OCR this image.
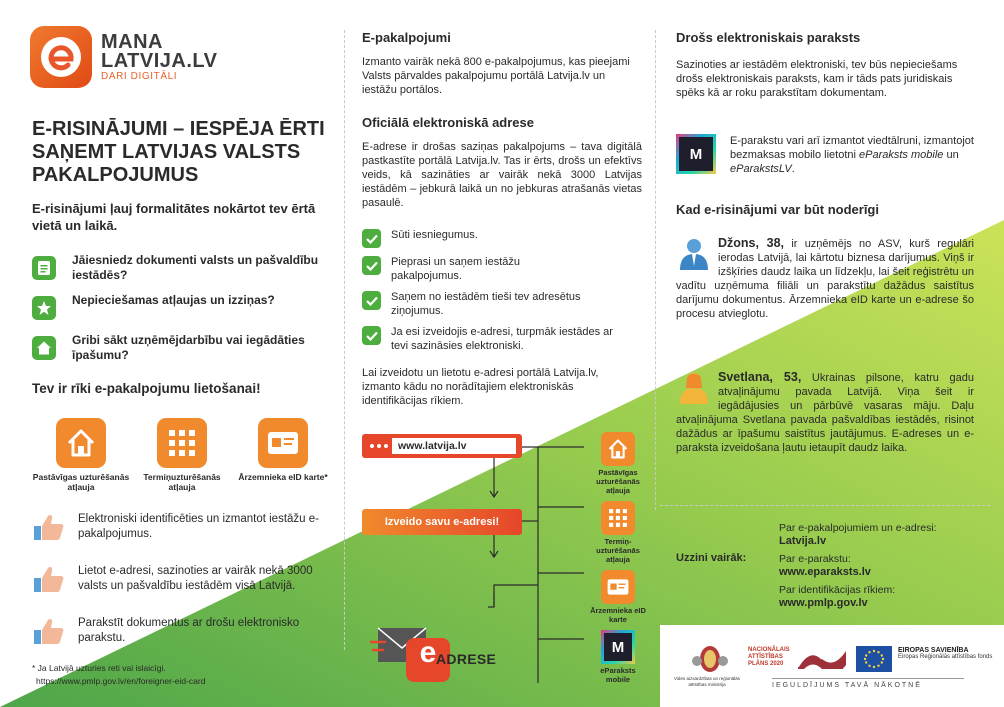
MANA
LATVIJA.LV
DARI DIGITĀLI
E-RISINĀJUMI – IESPĒJA ĒRTI SAŅEMT LATVIJAS VALSTS PAKALPOJUMUS
E-risinājumi ļauj formalitātes nokārtot tev ērtā vietā un laikā.
Jāiesniedz dokumenti valsts un pašvaldību iestādēs?
Nepieciešamas atļaujas un izziņas?
Gribi sākt uzņēmējdarbību vai iegādāties īpašumu?
Tev ir rīki e-pakalpojumu lietošanai!
Pastāvīgas uzturēšanās atļauja
Termiņuzturēšanās atļauja
Ārzemnieka eID karte*
Elektroniski identificēties un izmantot iestāžu e-pakalpojumus.
Lietot e-adresi, sazinoties ar vairāk nekā 3000 valsts un pašvaldību iestādēm visā Latvijā.
Parakstīt dokumentus ar drošu elektronisko parakstu.
* Ja Latvijā uzturies reti vai islaicīgi.
https://www.pmlp.gov.lv/en/foreigner-eid-card
E-pakalpojumi
Izmanto vairāk nekā 800 e-pakalpojumus, kas pieejami Valsts pārvaldes pakalpojumu portālā Latvija.lv un iestāžu portālos.
Oficiālā elektroniskā adrese
E-adrese ir drošas saziņas pakalpojums – tava digitālā pastkastīte portālā Latvija.lv. Tas ir ērts, drošs un efektīvs veids, kā sazināties ar vairāk nekā 3000 Latvijas iestādēm – jebkurā laikā un no jebkuras atrašanās vietas pasaulē.
Sūti iesniegumus.
Pieprasi un saņem iestāžu pakalpojumus.
Saņem no iestādēm tieši tev adresētus ziņojumus.
Ja esi izveidojis e-adresi, turpmāk iestādes ar tevi sazināsies elektroniski.
Lai izveidotu un lietotu e-adresi portālā Latvija.lv, izmanto kādu no norādītajiem elektroniskās identifikācijas rīkiem.
www.latvija.lv
Izveido savu e-adresi!
Pastāvīgas uzturēšanās atļauja
Termiņ-uzturēšanās atļauja
Ārzemnieka eID karte
M
eParaksts mobile
e ADRESE
Drošs elektroniskais paraksts
Sazinoties ar iestādēm elektroniski, tev būs nepieciešams drošs elektroniskais paraksts, kam ir tāds pats juridiskais spēks kā ar roku parakstītam dokumentam.
M
E-parakstu vari arī izmantot viedtālruni, izmantojot bezmaksas mobilo lietotni eParaksts mobile un eParakstsLV.
Kad e-risinājumi var būt noderīgi
Džons, 38, ir uzņēmējs no ASV, kurš regulāri ierodas Latvijā, lai kārtotu biznesa darījumus. Viņš ir izšķīries daudz laika un līdzekļu, lai šeit reģistrētu un vadītu uzņēmuma filiāli un parakstītu dažādus saistītus darījumu dokumentus. Ārzemnieka eID karte un e-adrese šo procesu atvieglotu.
Svetlana, 53, Ukrainas pilsone, katru gadu atvaļinājumu pavada Latvijā. Viņa šeit ir iegādājusies un pārbūvē vasaras māju. Daļu atvaļinājuma Svetlana pavada pašvaldības iestādēs, risinot dažādus ar īpašumu saistītus jautājumus. E-adreses un e-paraksta izveidošana ļautu ietaupīt daudz laika.
Uzzini vairāk:
Par e-pakalpojumiem un e-adresi:
Latvija.lv
Par e-parakstu:
www.eparaksts.lv
Par identifikācijas rīkiem:
www.pmlp.gov.lv
Vides aizsardzības un reģionālās attīstības ministrija
NACIONĀLAIS ATTĪSTĪBAS PLĀNS 2020
EIROPAS SAVIENĪBA
Eiropas Reģionālās attīstības fonds
IEGULDĪJUMS TAVĀ NĀKOTNĒ
